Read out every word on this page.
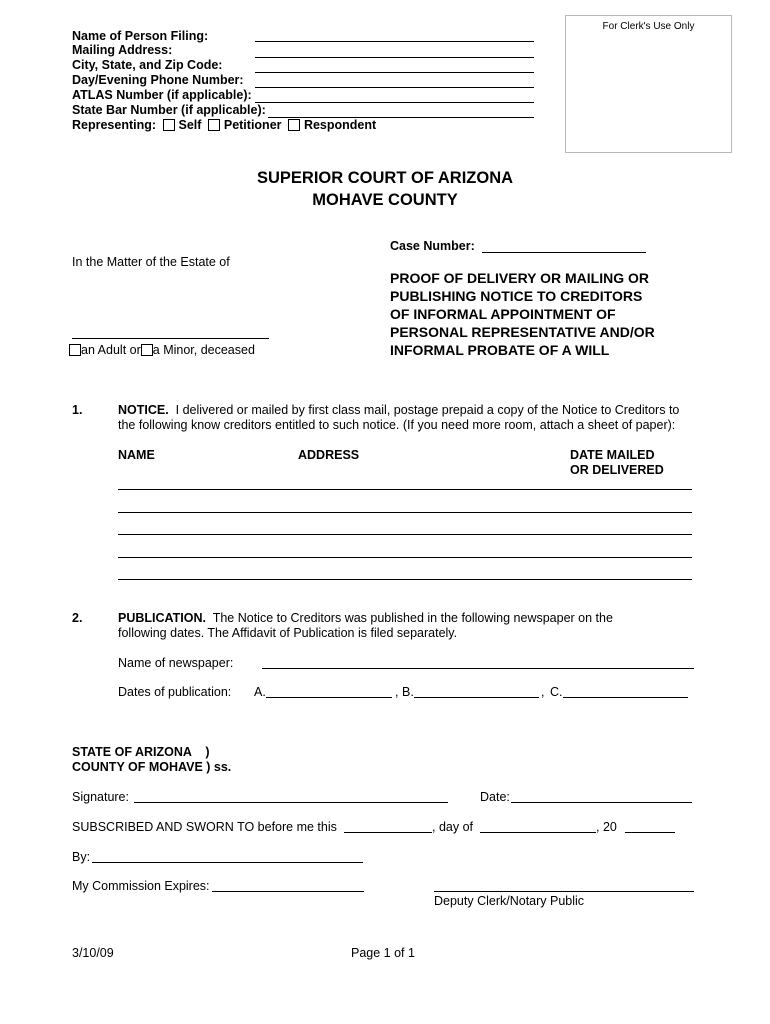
For Clerk's Use Only
Name of Person Filing:
Mailing Address:
City, State, and Zip Code:
Day/Evening Phone Number:
ATLAS Number (if applicable):
State Bar Number (if applicable):
Representing: Self Petitioner Respondent
SUPERIOR COURT OF ARIZONA
MOHAVE COUNTY
Case Number:
In the Matter of the Estate of
an Adult or a Minor, deceased
PROOF OF DELIVERY OR MAILING OR
PUBLISHING NOTICE TO CREDITORS
OF INFORMAL APPOINTMENT OF
PERSONAL REPRESENTATIVE AND/OR
INFORMAL PROBATE OF A WILL
1.	NOTICE. I delivered or mailed by first class mail, postage prepaid a copy of the Notice to Creditors to
the following know creditors entitled to such notice. (If you need more room, attach a sheet of paper):
NAME	ADDRESS	DATE MAILED
OR DELIVERED
2.	PUBLICATION. The Notice to Creditors was published in the following newspaper on the
following dates. The Affidavit of Publication is filed separately.
Name of newspaper:
Dates of publication: A.	, B.	, C.
STATE OF ARIZONA    )
COUNTY OF MOHAVE ) ss.
Signature:	Date:
SUBSCRIBED AND SWORN TO before me this	, day of	, 20
By:
My Commission Expires:
Deputy Clerk/Notary Public
3/10/09	Page 1 of 1
